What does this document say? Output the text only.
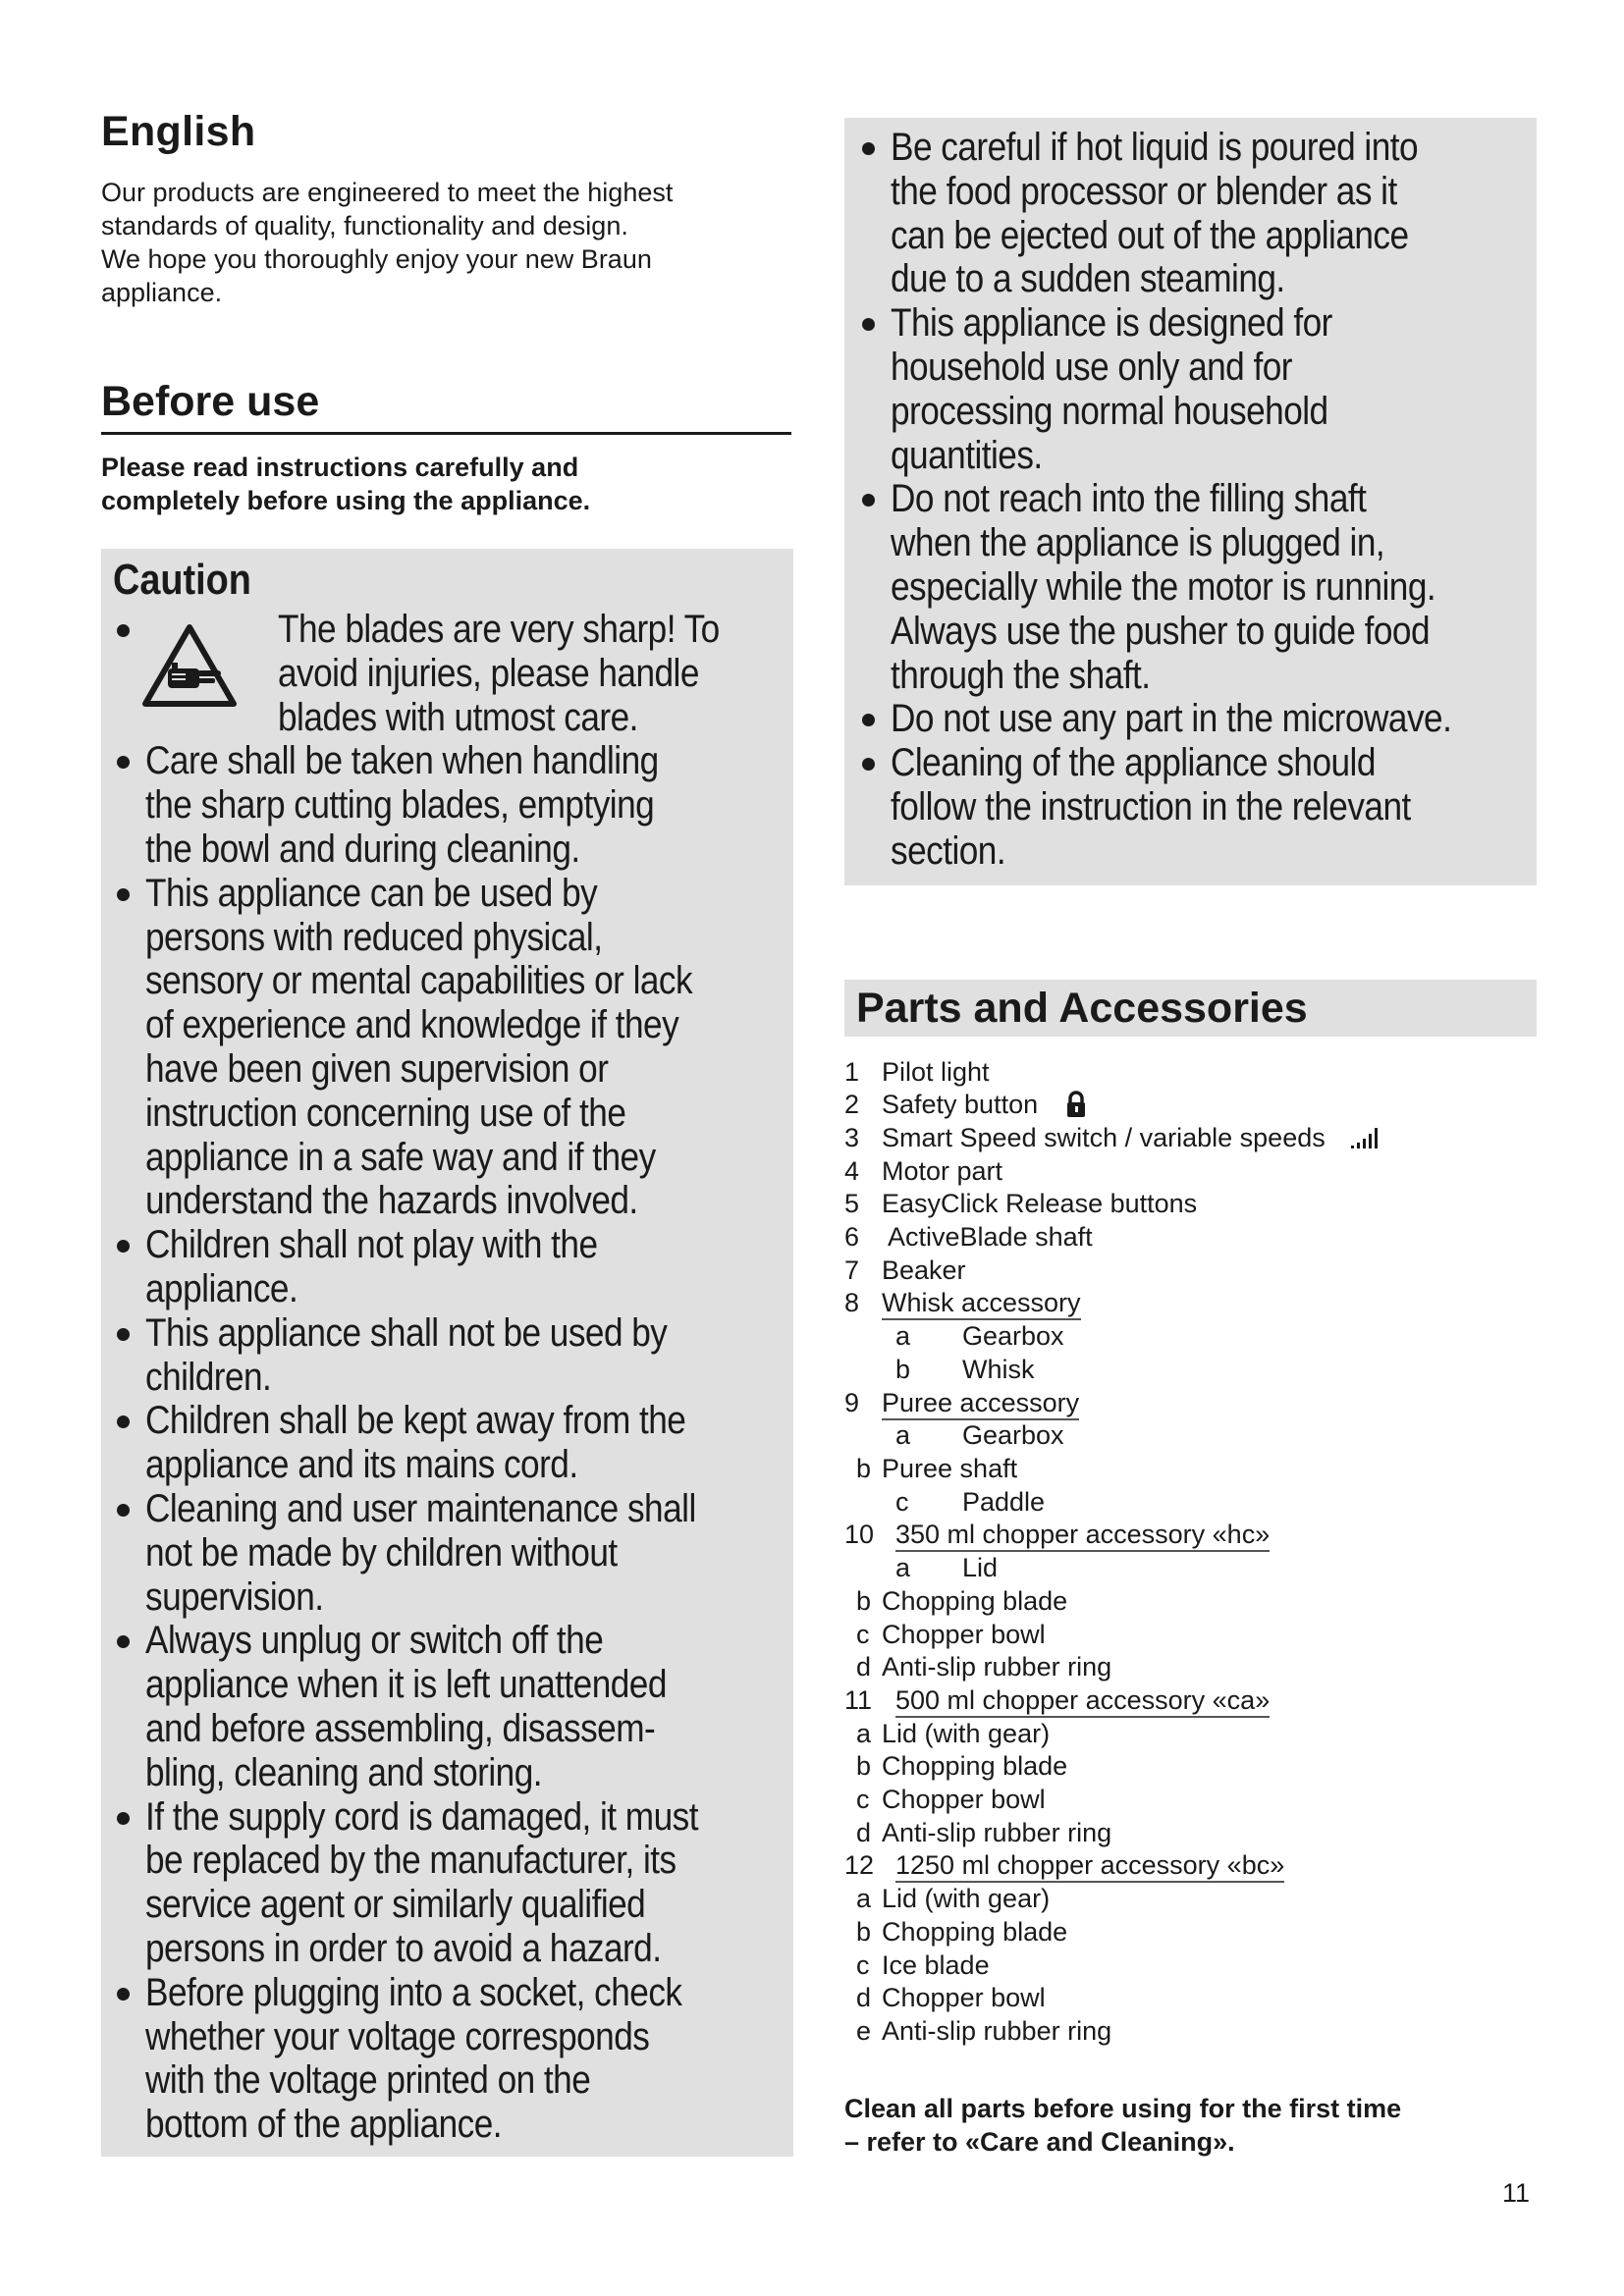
English

Our products are engineered to meet the highest

standards of quality, functionality and design.

We hope you thoroughly enjoy your new Braun

appliance.

Before use
Please read instructions carefully and
completely before using the appliance.
Caution
The blades are very sharp! To
avoid injuries, please handle
blades with utmost care.
Care shall be taken when handling
the sharp cutting blades, emptying
the bowl and during cleaning.
This appliance can be used by
persons with reduced physical,
sensory or mental capabilities or lack
of experience and knowledge if they
have been given supervision or
instruction concerning use of the
appliance in a safe way and if they
understand the hazards involved.
Children shall not play with the
appliance.
This appliance shall not be used by
children.
Children shall be kept away from the
appliance and its mains cord.
Cleaning and user maintenance shall
not be made by children without
supervision.
Always unplug or switch off the
appliance when it is left unattended
and before assembling, disassem-
bling, cleaning and storing.
If the supply cord is damaged, it must
be replaced by the manufacturer, its
service agent or similarly qualified
persons in order to avoid a hazard.
Before plugging into a socket, check
whether your voltage corresponds
with the voltage printed on the
bottom of the appliance.
Be careful if hot liquid is poured into
the food processor or blender as it
can be ejected out of the appliance
due to a sudden steaming.
This appliance is designed for
household use only and for
processing normal household
quantities.
Do not reach into the filling shaft
when the appliance is plugged in,
especially while the motor is running.
Always use the pusher to guide food
through the shaft.
Do not use any part in the microwave.
Cleaning of the appliance should
follow the instruction in the relevant
section.
Parts and Accessories
1 Pilot light
2 Safety button
3 Smart Speed switch / variable speeds
4 Motor part
5 EasyClick Release buttons
6 ActiveBlade shaft
7 Beaker
8 Whisk accessory
a Gearbox
b Whisk
9 Puree accessory
a Gearbox
b Puree shaft
c Paddle
10 350 ml chopper accessory «hc»
a Lid
b Chopping blade
c Chopper bowl
d Anti-slip rubber ring
11 500 ml chopper accessory «ca»
a Lid (with gear)
b Chopping blade
c Chopper bowl
d Anti-slip rubber ring
12 1250 ml chopper accessory «bc»
a Lid (with gear)
b Chopping blade
c Ice blade
d Chopper bowl
e Anti-slip rubber ring
Clean all parts before using for the first time
– refer to «Care and Cleaning».
11
